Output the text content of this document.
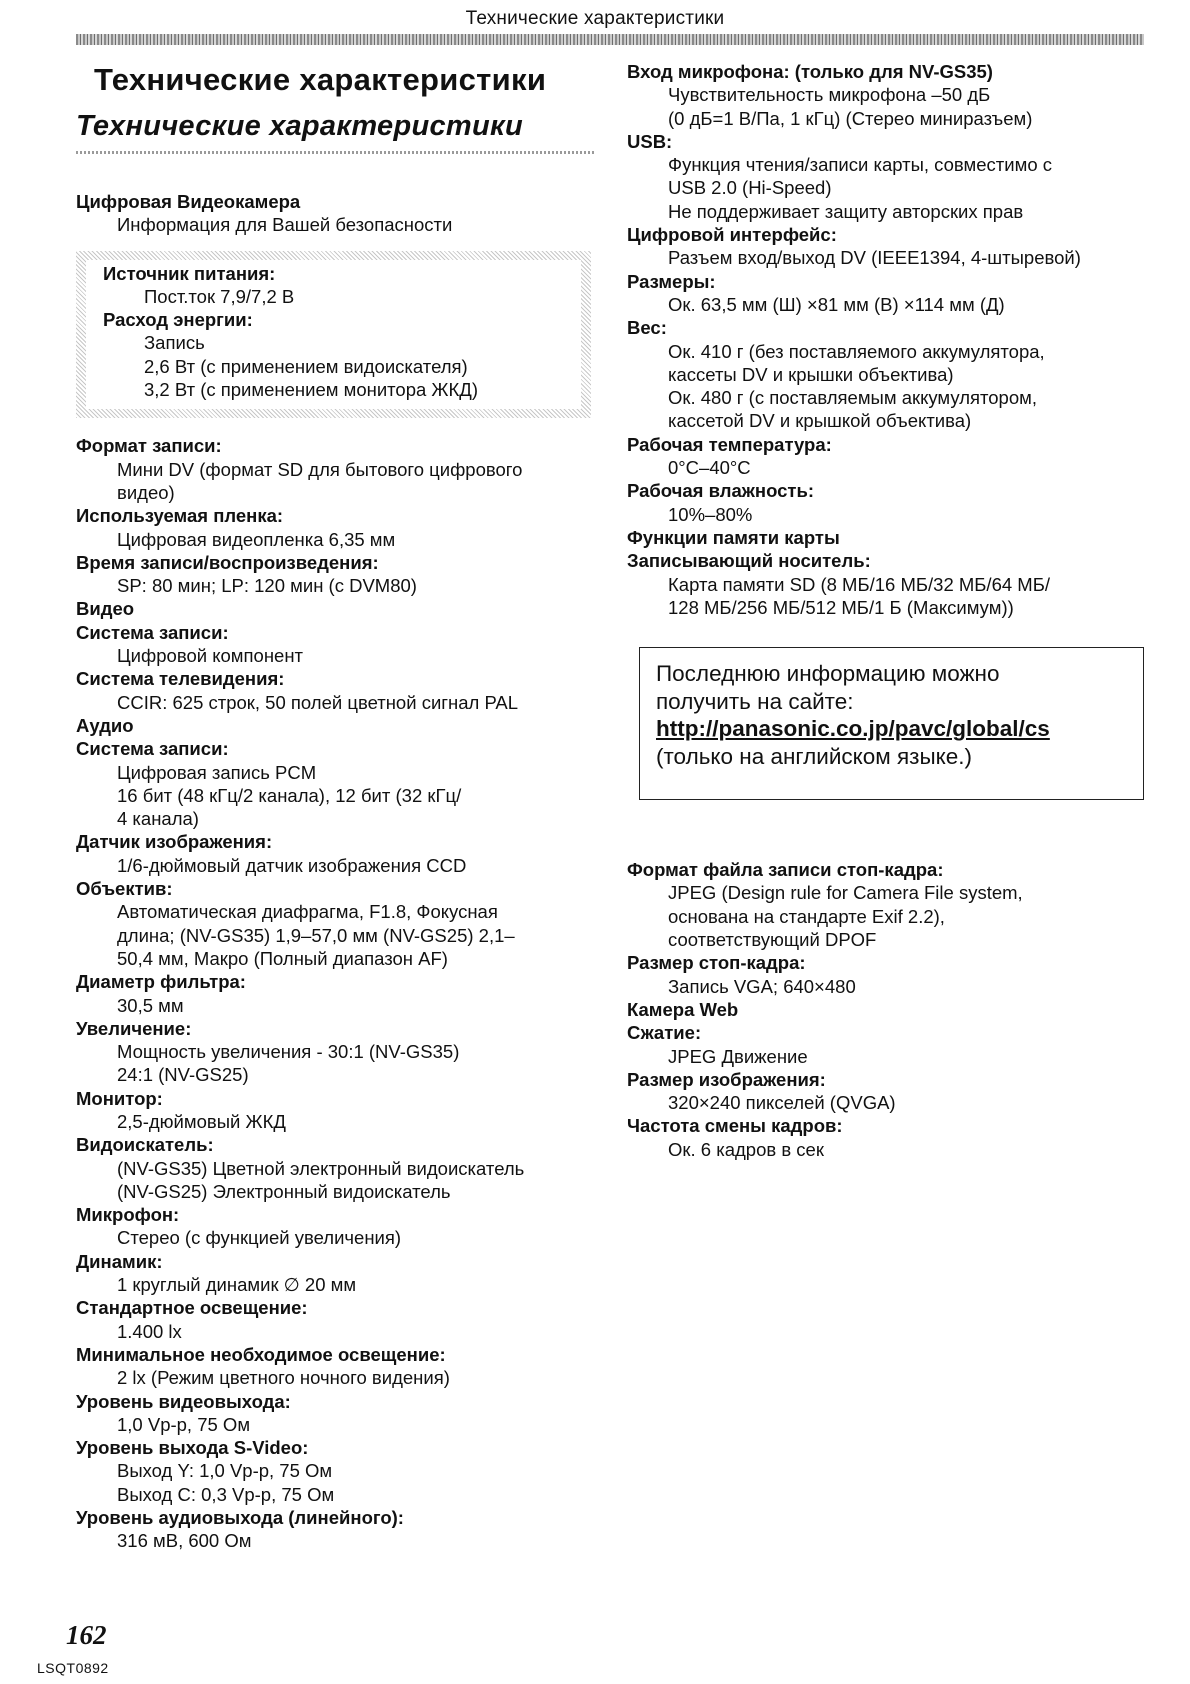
Технические характеристики
Технические характеристики
Технические характеристики
Цифровая Видеокамера
Информация для Вашей безопасности
Источник питания:
Пост.ток 7,9/7,2 В
Расход энергии:
Запись
2,6 Вт (с применением видоискателя)
3,2 Вт (с применением монитора ЖКД)
Формат записи:
Мини DV (формат SD для бытового цифрового
видео)
Используемая пленка:
Цифровая видеопленка 6,35 мм
Время записи/воспроизведения:
SP: 80 мин; LP: 120 мин (с DVM80)
Видео
Система записи:
Цифровой компонент
Система телевидения:
CCIR: 625 строк, 50 полей цветной сигнал PAL
Аудио
Система записи:
Цифровая запись PCM
16 бит (48 кГц/2 канала), 12 бит (32 кГц/
4 канала)
Датчик изображения:
1/6-дюймовый датчик изображения CCD
Объектив:
Автоматическая диафрагма, F1.8, Фокусная
длина; (NV-GS35) 1,9–57,0 мм (NV-GS25) 2,1–
50,4 мм, Макро (Полный диапазон AF)
Диаметр фильтра:
30,5 мм
Увеличение:
Мощность увеличения - 30:1 (NV-GS35)
24:1 (NV-GS25)
Монитор:
2,5-дюймовый ЖКД
Видоискатель:
(NV-GS35) Цветной электронный видоискатель
(NV-GS25) Электронный видоискатель
Микрофон:
Стерео (с функцией увеличения)
Динамик:
1 круглый динамик ∅ 20 мм
Стандартное освещение:
1.400 lx
Минимальное необходимое освещение:
2 lx (Режим цветного ночного видения)
Уровень видеовыхода:
1,0 Vp-p, 75 Ом
Уровень выхода S-Video:
Выход Y: 1,0 Vp-p, 75 Ом
Выход C: 0,3 Vp-p, 75 Ом
Уровень аудиовыхода (линейного):
316 мВ, 600 Ом
Вход микрофона: (только для NV-GS35)
Чувствительность микрофона –50 дБ
(0 дБ=1 В/Па, 1 кГц) (Стерео миниразъем)
USB:
Функция чтения/записи карты, совместимо с
USB 2.0 (Hi-Speed)
Не поддерживает защиту авторских прав
Цифровой интерфейс:
Разъем вход/выход DV (IEEE1394, 4-штыревой)
Размеры:
Ок. 63,5 мм (Ш) ×81 мм (В) ×114 мм (Д)
Вес:
Ок. 410 г (без поставляемого аккумулятора,
кассеты DV и крышки объектива)
Ок. 480 г (с поставляемым аккумулятором,
кассетой DV и крышкой объектива)
Рабочая температура:
0°C–40°C
Рабочая влажность:
10%–80%
Функции памяти карты
Записывающий носитель:
Карта памяти SD (8 МБ/16 МБ/32 МБ/64 МБ/
128 МБ/256 МБ/512 МБ/1 Б (Максимум))
Последнюю информацию можно
получить на сайте:
http://panasonic.co.jp/pavc/global/cs
(только на английском языке.)
Формат файла записи стоп-кадра:
JPEG (Design rule for Camera File system,
основана на стандарте Exif 2.2),
соответствующий DPOF
Размер стоп-кадра:
Запись VGA; 640×480
Камера Web
Сжатие:
JPEG Движение
Размер изображения:
320×240 пикселей (QVGA)
Частота смены кадров:
Ок. 6 кадров в сек
162
LSQT0892
